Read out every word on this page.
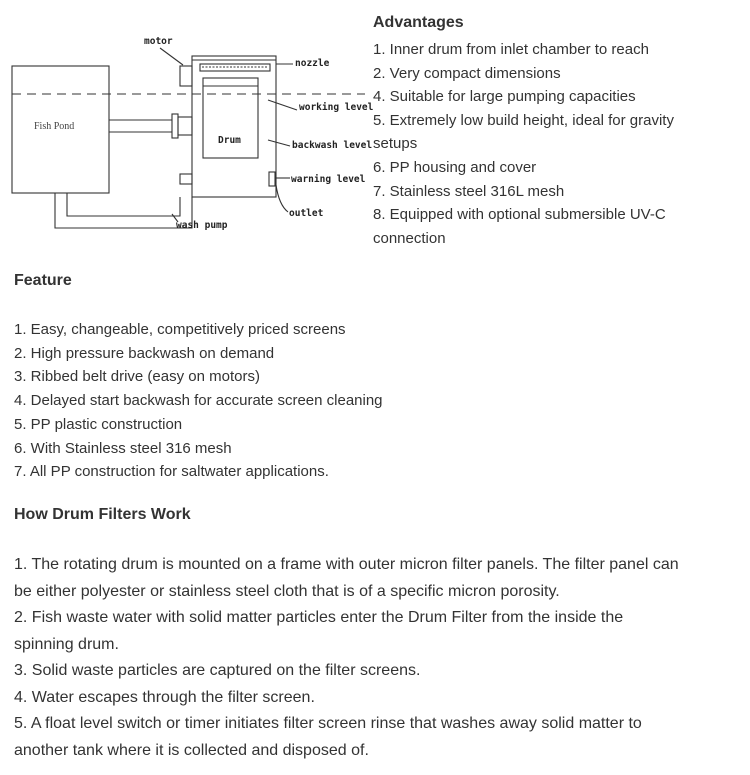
motor
nozzle
working level
Fish Pond
Drum	backwash level
warning level
outlet
wash pump
Advantages
1. Inner drum from inlet chamber to reach
2. Very compact dimensions
4. Suitable for large pumping capacities
5. Extremely low build height, ideal for gravity
setups
6. PP housing and cover
7. Stainless steel 316L mesh
8. Equipped with optional submersible UV-C
connection
Feature
1. Easy, changeable, competitively priced screens
2. High pressure backwash on demand
3. Ribbed belt drive (easy on motors)
4. Delayed start backwash for accurate screen cleaning
5. PP plastic construction
6. With Stainless steel 316 mesh
7. All PP construction for saltwater applications.
How Drum Filters Work
1. The rotating drum is mounted on a frame with outer micron filter panels. The filter panel can
be either polyester or stainless steel cloth that is of a specific micron porosity.
2. Fish waste water with solid matter particles enter the Drum Filter from the inside the
spinning drum.
3. Solid waste particles are captured on the filter screens.
4. Water escapes through the filter screen.
5. A float level switch or timer initiates filter screen rinse that washes away solid matter to
another tank where it is collected and disposed of.
